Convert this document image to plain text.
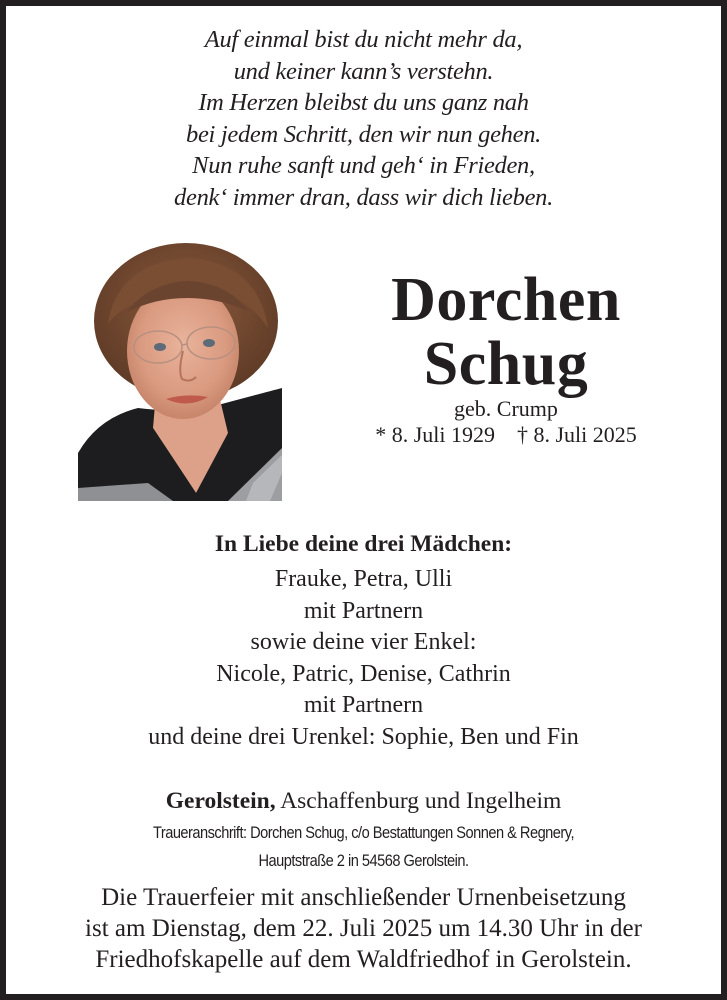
Auf einmal bist du nicht mehr da,
und keiner kann’s verstehn.
Im Herzen bleibst du uns ganz nah
bei jedem Schritt, den wir nun gehen.
Nun ruhe sanft und geh‘ in Frieden,
denk‘ immer dran, dass wir dich lieben.
Dorchen
Schug
geb. Crump
* 8. Juli 1929 † 8. Juli 2025
In Liebe deine drei Mädchen:
Frauke, Petra, Ulli
mit Partnern
sowie deine vier Enkel:
Nicole, Patric, Denise, Cathrin
mit Partnern
und deine drei Urenkel: Sophie, Ben und Fin
Gerolstein, Aschaffenburg und Ingelheim
Traueranschrift: Dorchen Schug, c/o Bestattungen Sonnen & Regnery,
Hauptstraße 2 in 54568 Gerolstein.
Die Trauerfeier mit anschließender Urnenbeisetzung
ist am Dienstag, dem 22. Juli 2025 um 14.30 Uhr in der
Friedhofskapelle auf dem Waldfriedhof in Gerolstein.
